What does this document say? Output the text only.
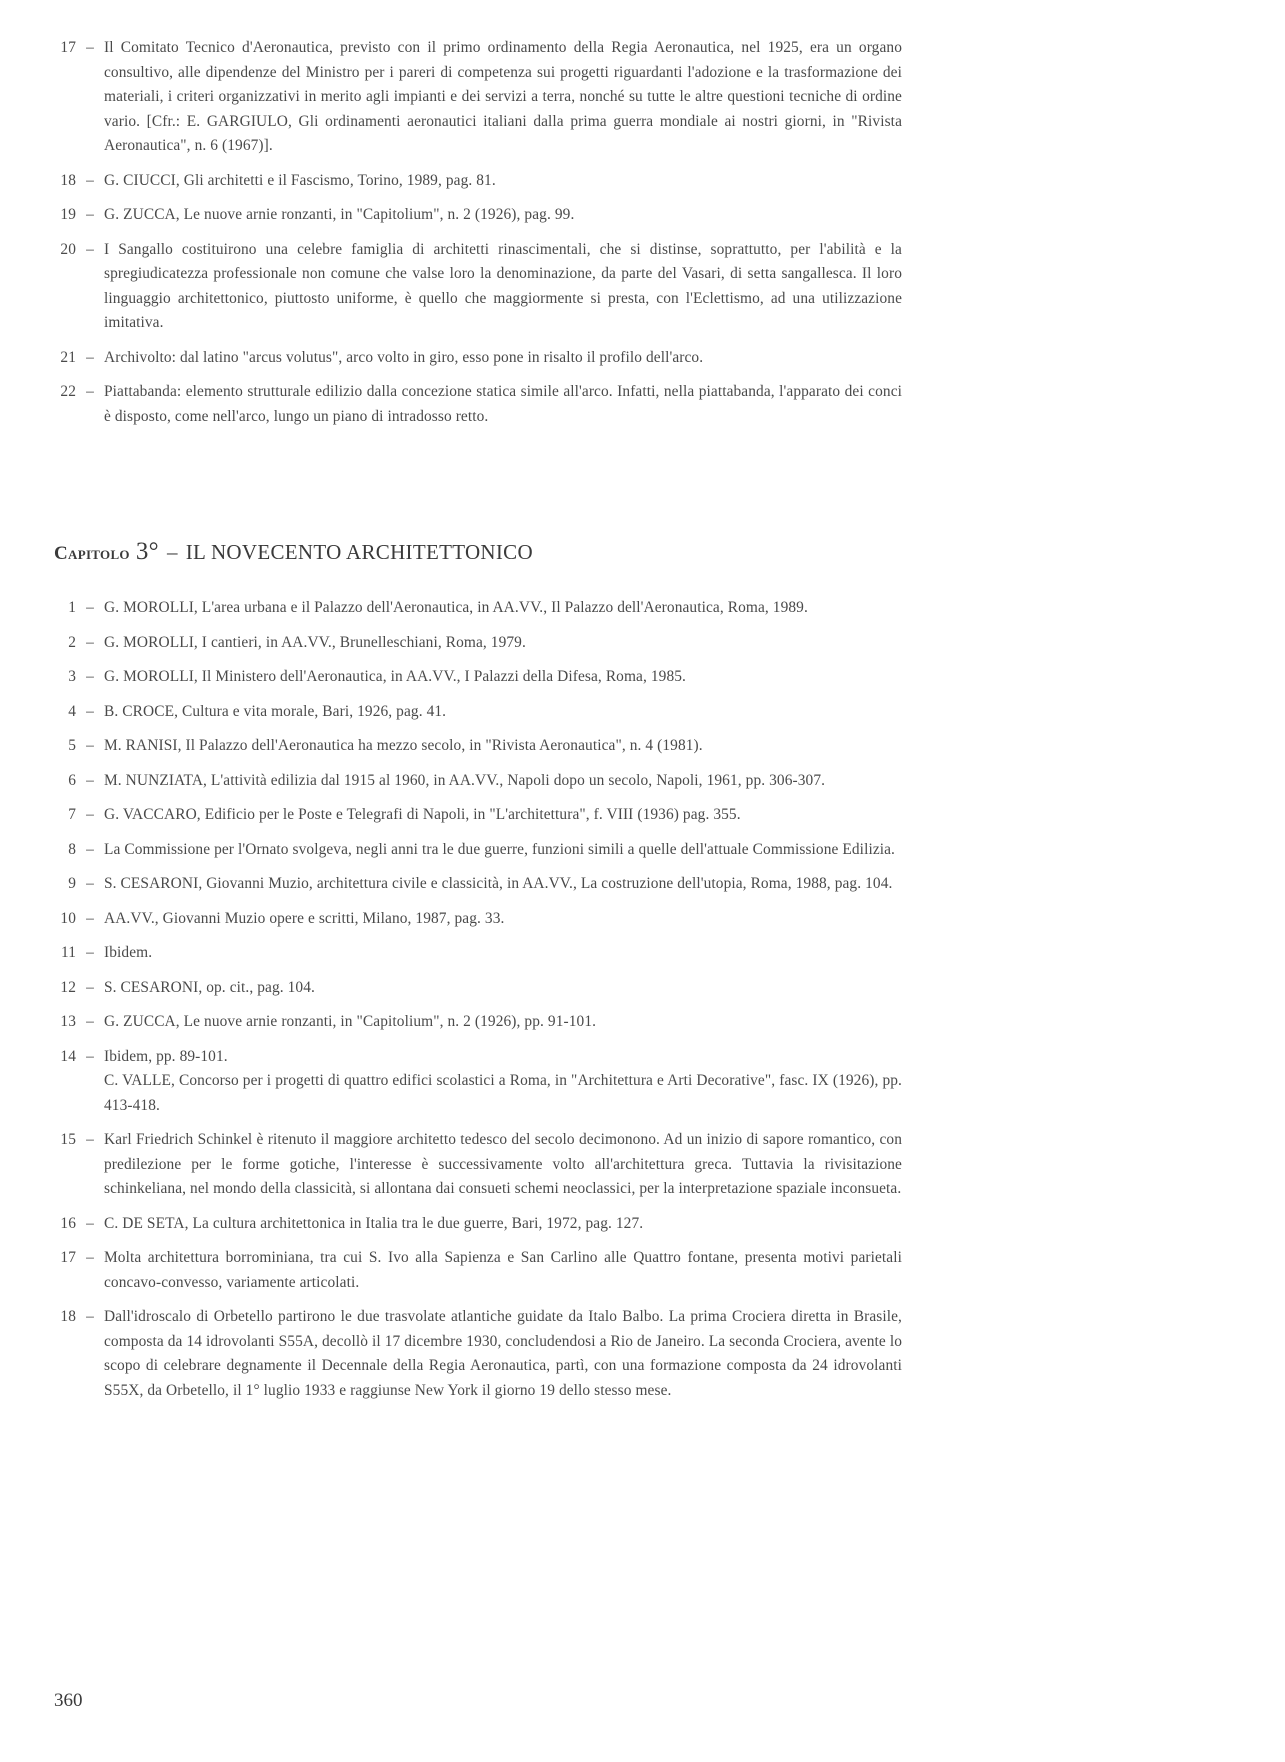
17 – Il Comitato Tecnico d'Aeronautica, previsto con il primo ordinamento della Regia Aeronautica, nel 1925, era un organo consultivo, alle dipendenze del Ministro per i pareri di competenza sui progetti riguardanti l'adozione e la trasformazione dei materiali, i criteri organizzativi in merito agli impianti e dei servizi a terra, nonché su tutte le altre questioni tecniche di ordine vario. [Cfr.: E. GARGIULO, Gli ordinamenti aeronautici italiani dalla prima guerra mondiale ai nostri giorni, in "Rivista Aeronautica", n. 6 (1967)].
18 – G. CIUCCI, Gli architetti e il Fascismo, Torino, 1989, pag. 81.
19 – G. ZUCCA, Le nuove arnie ronzanti, in "Capitolium", n. 2 (1926), pag. 99.
20 – I Sangallo costituirono una celebre famiglia di architetti rinascimentali, che si distinse, soprattutto, per l'abilità e la spregiudicatezza professionale non comune che valse loro la denominazione, da parte del Vasari, di setta sangallesca. Il loro linguaggio architettonico, piuttosto uniforme, è quello che maggiormente si presta, con l'Eclettismo, ad una utilizzazione imitativa.
21 – Archivolto: dal latino "arcus volutus", arco volto in giro, esso pone in risalto il profilo dell'arco.
22 – Piattabanda: elemento strutturale edilizio dalla concezione statica simile all'arco. Infatti, nella piattabanda, l'apparato dei conci è disposto, come nell'arco, lungo un piano di intradosso retto.
Capitolo 3° – IL NOVECENTO ARCHITETTONICO
1 – G. MOROLLI, L'area urbana e il Palazzo dell'Aeronautica, in AA.VV., Il Palazzo dell'Aeronautica, Roma, 1989.
2 – G. MOROLLI, I cantieri, in AA.VV., Brunelleschiani, Roma, 1979.
3 – G. MOROLLI, Il Ministero dell'Aeronautica, in AA.VV., I Palazzi della Difesa, Roma, 1985.
4 – B. CROCE, Cultura e vita morale, Bari, 1926, pag. 41.
5 – M. RANISI, Il Palazzo dell'Aeronautica ha mezzo secolo, in "Rivista Aeronautica", n. 4 (1981).
6 – M. NUNZIATA, L'attività edilizia dal 1915 al 1960, in AA.VV., Napoli dopo un secolo, Napoli, 1961, pp. 306-307.
7 – G. VACCARO, Edificio per le Poste e Telegrafi di Napoli, in "L'architettura", f. VIII (1936) pag. 355.
8 – La Commissione per l'Ornato svolgeva, negli anni tra le due guerre, funzioni simili a quelle dell'attuale Commissione Edilizia.
9 – S. CESARONI, Giovanni Muzio, architettura civile e classicità, in AA.VV., La costruzione dell'utopia, Roma, 1988, pag. 104.
10 – AA.VV., Giovanni Muzio opere e scritti, Milano, 1987, pag. 33.
11 – Ibidem.
12 – S. CESARONI, op. cit., pag. 104.
13 – G. ZUCCA, Le nuove arnie ronzanti, in "Capitolium", n. 2 (1926), pp. 91-101.
14 – Ibidem, pp. 89-101.
C. VALLE, Concorso per i progetti di quattro edifici scolastici a Roma, in "Architettura e Arti Decorative", fasc. IX (1926), pp. 413-418.
15 – Karl Friedrich Schinkel è ritenuto il maggiore architetto tedesco del secolo decimonono. Ad un inizio di sapore romantico, con predilezione per le forme gotiche, l'interesse è successivamente volto all'architettura greca. Tuttavia la rivisitazione schinkeliana, nel mondo della classicità, si allontana dai consueti schemi neoclassici, per la interpretazione spaziale inconsueta.
16 – C. DE SETA, La cultura architettonica in Italia tra le due guerre, Bari, 1972, pag. 127.
17 – Molta architettura borrominiana, tra cui S. Ivo alla Sapienza e San Carlino alle Quattro fontane, presenta motivi parietali concavo-convesso, variamente articolati.
18 – Dall'idroscalo di Orbetello partirono le due trasvolate atlantiche guidate da Italo Balbo. La prima Crociera diretta in Brasile, composta da 14 idrovolanti S55A, decollò il 17 dicembre 1930, concludendosi a Rio de Janeiro. La seconda Crociera, avente lo scopo di celebrare degnamente il Decennale della Regia Aeronautica, partì, con una formazione composta da 24 idrovolanti S55X, da Orbetello, il 1° luglio 1933 e raggiunse New York il giorno 19 dello stesso mese.
360
